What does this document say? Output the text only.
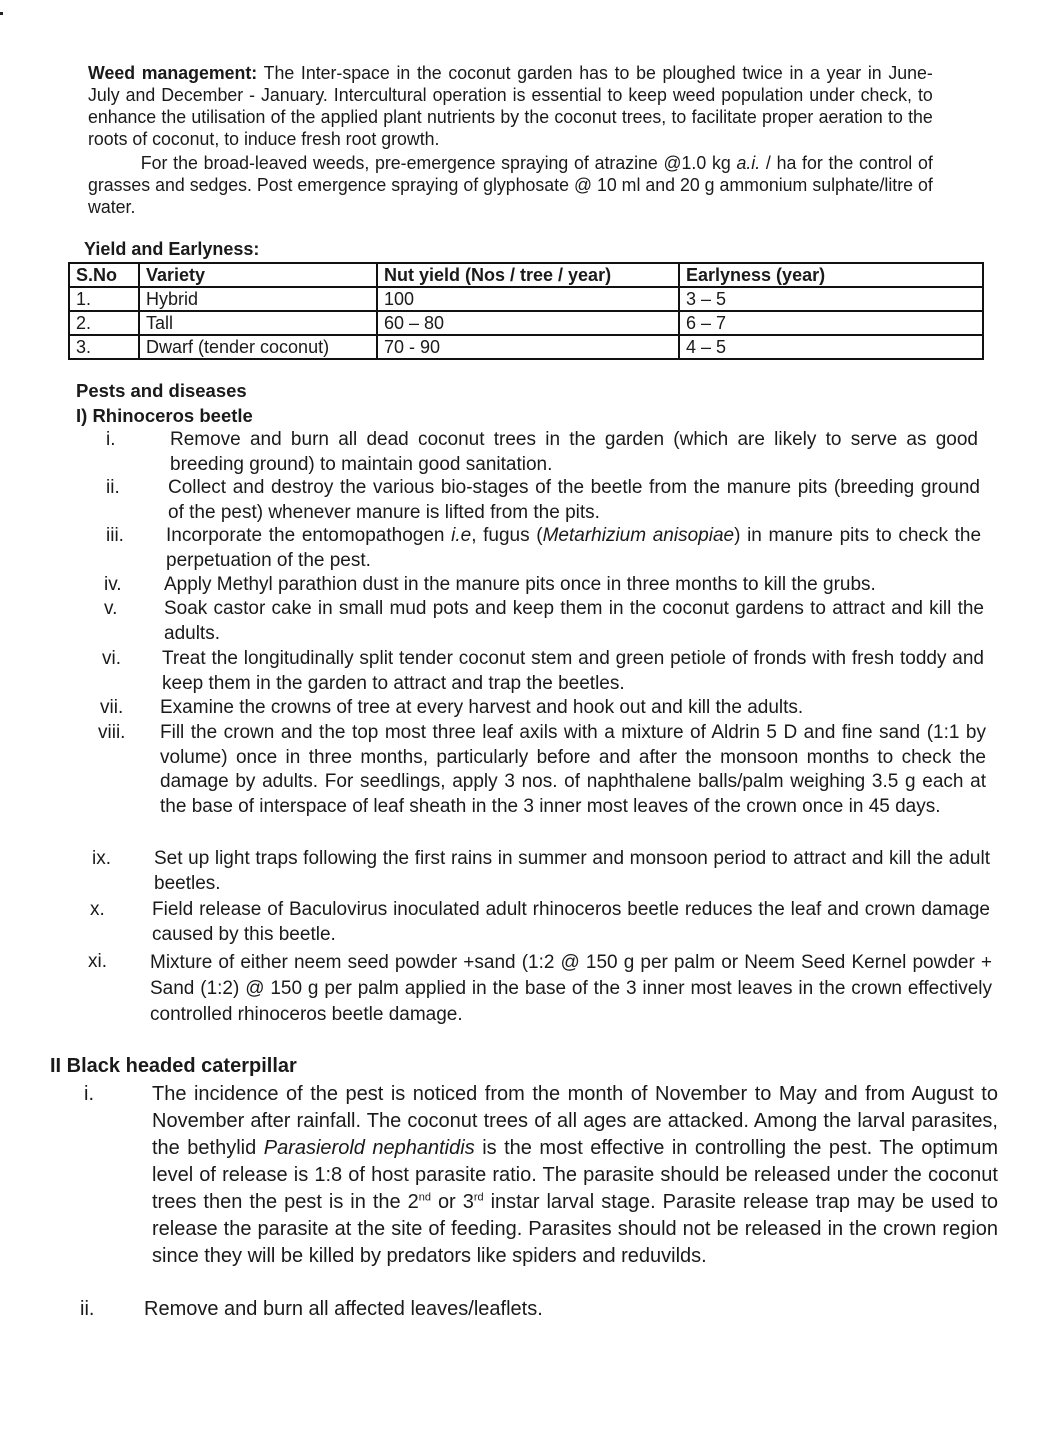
Weed management: The Inter-space in the coconut garden has to be ploughed twice in a year in June-July and December - January. Intercultural operation is essential to keep weed population under check, to enhance the utilisation of the applied plant nutrients by the coconut trees, to facilitate proper aeration to the roots of coconut, to induce fresh root growth.

For the broad-leaved weeds, pre-emergence spraying of atrazine @1.0 kg a.i. / ha for the control of grasses and sedges. Post emergence spraying of glyphosate @ 10 ml and 20 g ammonium sulphate/litre of water.

Yield and Earlyness:
S.No	Variety	Nut yield (Nos / tree / year)	Earlyness (year)
1.	Hybrid	100	3 – 5
2.	Tall	60 – 80	6 – 7
3.	Dwarf (tender coconut)	70 - 90	4 – 5
Pests and diseases
I) Rhinoceros beetle
i.	Remove and burn all dead coconut trees in the garden (which are likely to serve as good breeding ground) to maintain good sanitation.
ii.	Collect and destroy the various bio-stages of the beetle from the manure pits (breeding ground of the pest) whenever manure is lifted from the pits.
iii. Incorporate the entomopathogen i.e, fugus (Metarhizium anisopiae) in manure pits to check the perpetuation of the pest.
iv. Apply Methyl parathion dust in the manure pits once in three months to kill the grubs.
v. Soak castor cake in small mud pots and keep them in the coconut gardens to attract and kill the adults.
vi. Treat the longitudinally split tender coconut stem and green petiole of fronds with fresh toddy and keep them in the garden to attract and trap the beetles.
vii. Examine the crowns of tree at every harvest and hook out and kill the adults.
viii. Fill the crown and the top most three leaf axils with a mixture of Aldrin 5 D and fine sand (1:1 by volume) once in three months, particularly before and after the monsoon months to check the damage by adults. For seedlings, apply 3 nos. of naphthalene balls/palm weighing 3.5 g each at the base of interspace of leaf sheath in the 3 inner most leaves of the crown once in 45 days.
ix. Set up light traps following the first rains in summer and monsoon period to attract and kill the adult beetles.
x. Field release of Baculovirus inoculated adult rhinoceros beetle reduces the leaf and crown damage caused by this beetle.
xi. Mixture of either neem seed powder +sand (1:2 @ 150 g per palm or Neem Seed Kernel powder + Sand (1:2) @ 150 g per palm applied in the base of the 3 inner most leaves in the crown effectively controlled rhinoceros beetle damage.
II Black headed caterpillar
i.	The incidence of the pest is noticed from the month of November to May and from August to November after rainfall. The coconut trees of all ages are attacked. Among the larval parasites, the bethylid Parasierold nephantidis is the most effective in controlling the pest. The optimum level of release is 1:8 of host parasite ratio. The parasite should be released under the coconut trees then the pest is in the 2nd or 3rd instar larval stage. Parasite release trap may be used to release the parasite at the site of feeding. Parasites should not be released in the crown region since they will be killed by predators like spiders and reduvilds.
ii. Remove and burn all affected leaves/leaflets.
